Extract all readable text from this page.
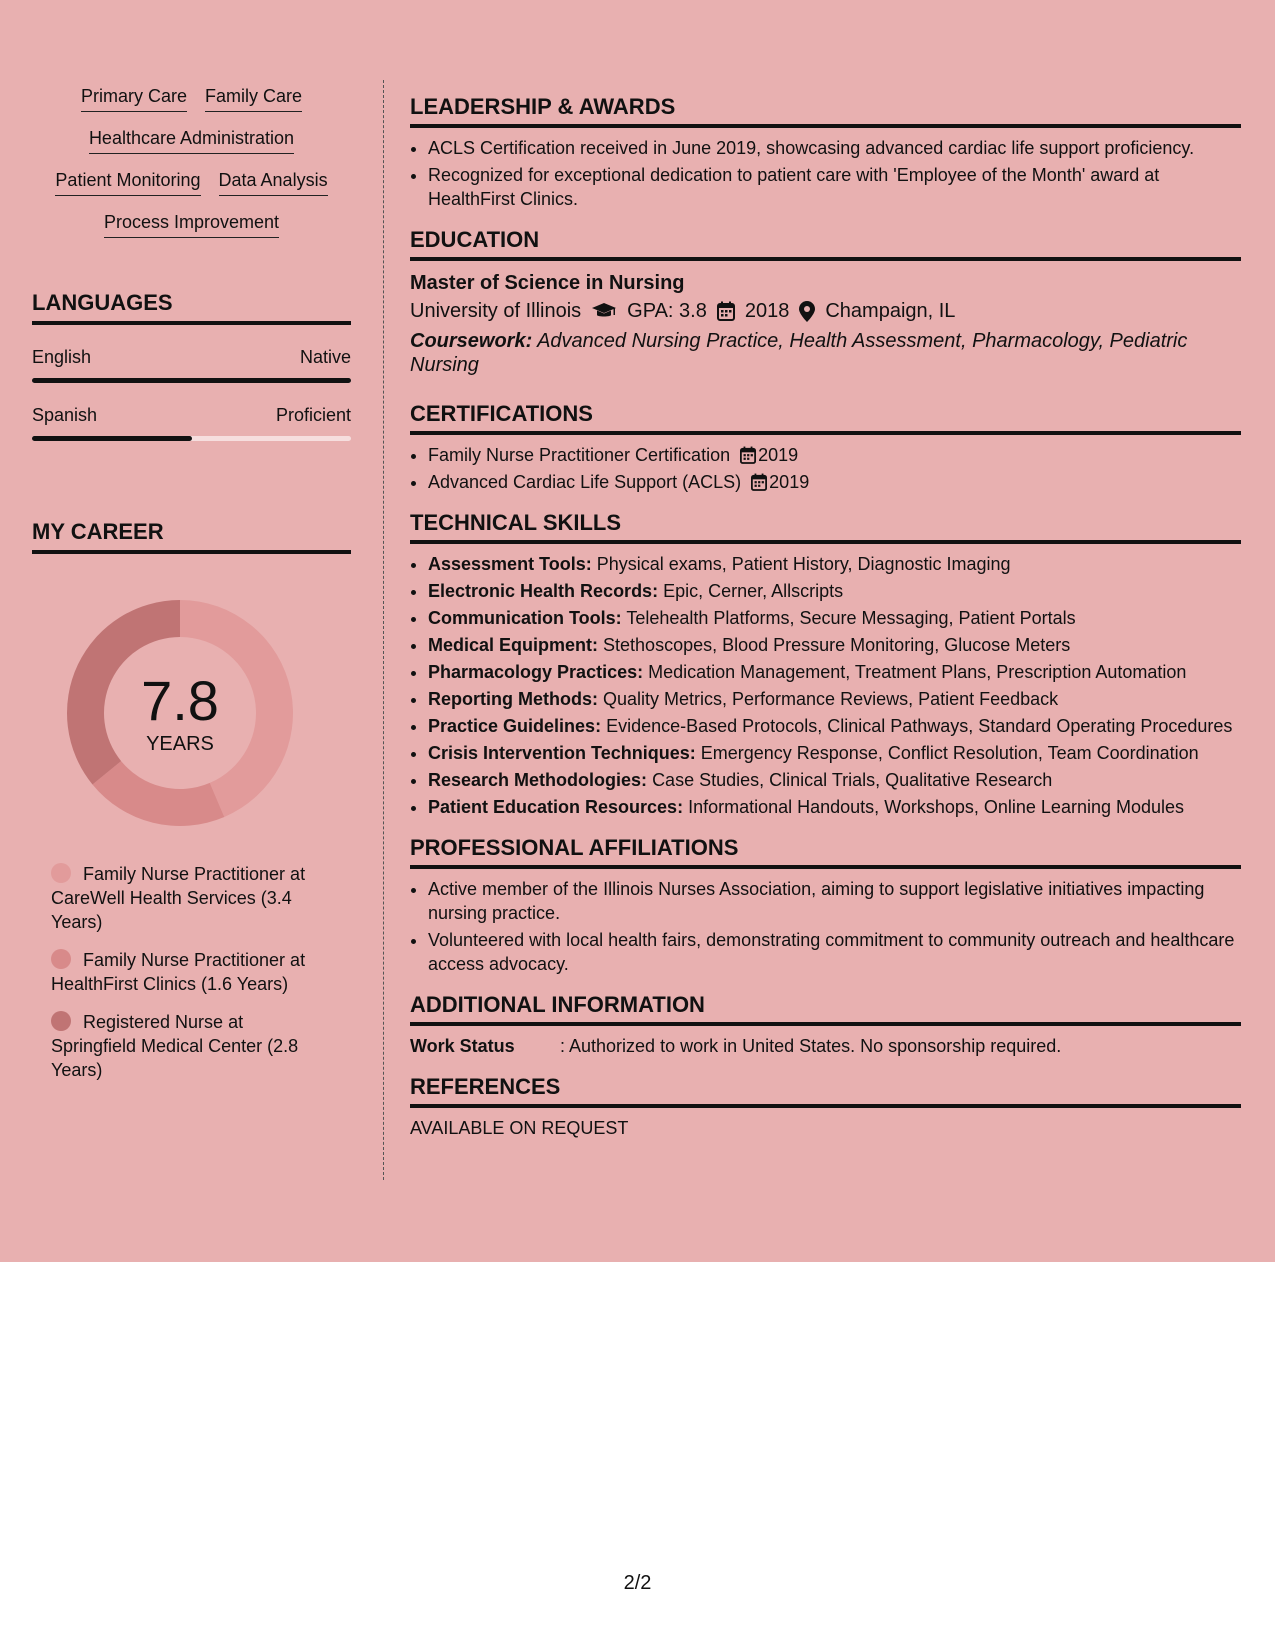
Primary Care Family Care
Healthcare Administration
Patient Monitoring Data Analysis
Process Improvement
LANGUAGES
English	Native
Spanish	Proficient
MY CAREER
7.8
YEARS
Family Nurse Practitioner at CareWell Health Services (3.4 Years)
Family Nurse Practitioner at HealthFirst Clinics (1.6 Years)
Registered Nurse at Springfield Medical Center (2.8 Years)
LEADERSHIP & AWARDS
• ACLS Certification received in June 2019, showcasing advanced cardiac life support proficiency.
• Recognized for exceptional dedication to patient care with 'Employee of the Month' award at HealthFirst Clinics.
EDUCATION
Master of Science in Nursing
University of Illinois GPA: 3.8 2018 Champaign, IL
Coursework: Advanced Nursing Practice, Health Assessment, Pharmacology, Pediatric Nursing
CERTIFICATIONS
• Family Nurse Practitioner Certification 2019
• Advanced Cardiac Life Support (ACLS) 2019
TECHNICAL SKILLS
• Assessment Tools: Physical exams, Patient History, Diagnostic Imaging
• Electronic Health Records: Epic, Cerner, Allscripts
• Communication Tools: Telehealth Platforms, Secure Messaging, Patient Portals
• Medical Equipment: Stethoscopes, Blood Pressure Monitoring, Glucose Meters
• Pharmacology Practices: Medication Management, Treatment Plans, Prescription Automation
• Reporting Methods: Quality Metrics, Performance Reviews, Patient Feedback
• Practice Guidelines: Evidence-Based Protocols, Clinical Pathways, Standard Operating Procedures
• Crisis Intervention Techniques: Emergency Response, Conflict Resolution, Team Coordination
• Research Methodologies: Case Studies, Clinical Trials, Qualitative Research
• Patient Education Resources: Informational Handouts, Workshops, Online Learning Modules
PROFESSIONAL AFFILIATIONS
• Active member of the Illinois Nurses Association, aiming to support legislative initiatives impacting nursing practice.
• Volunteered with local health fairs, demonstrating commitment to community outreach and healthcare access advocacy.
ADDITIONAL INFORMATION
Work Status	: Authorized to work in United States. No sponsorship required.
REFERENCES
AVAILABLE ON REQUEST
2/2
